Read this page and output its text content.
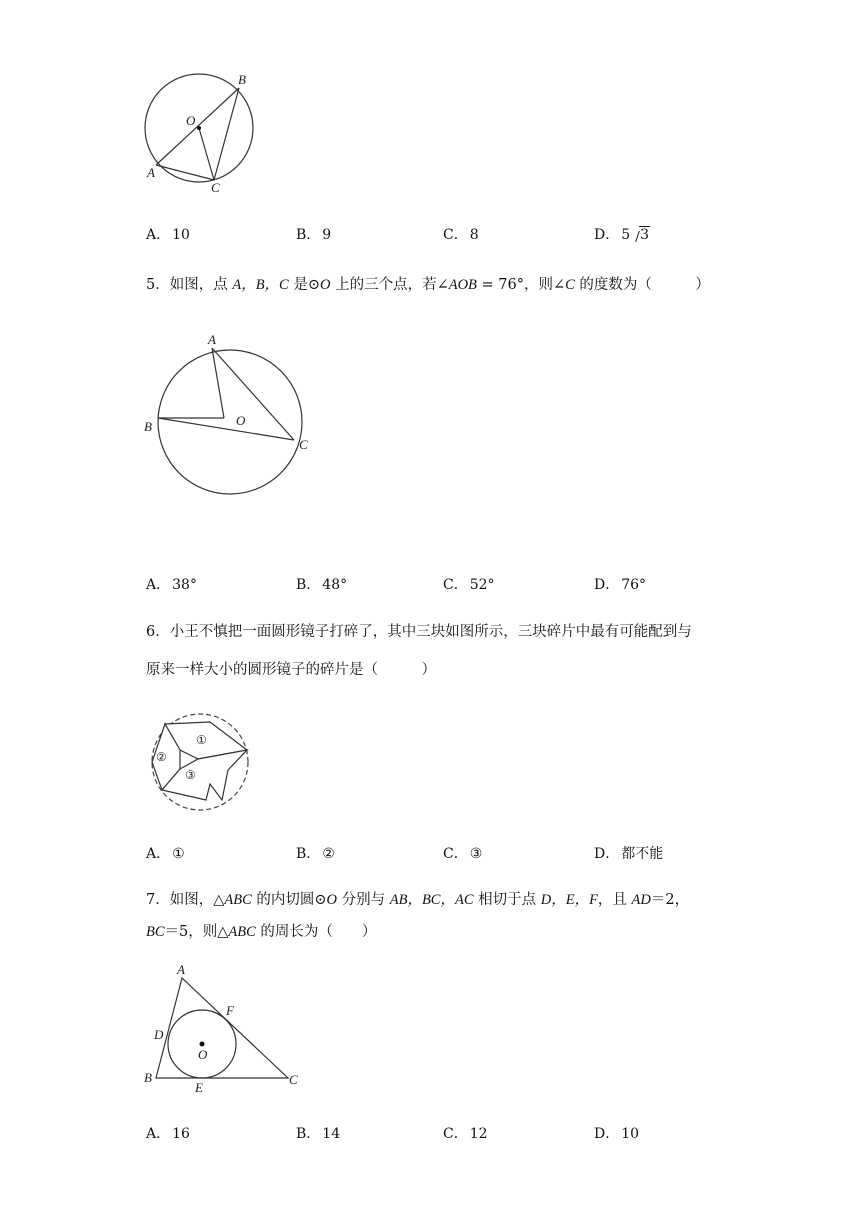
O
B
A
C
A． 10	B． 9	C． 8	D． 5 3
5．如图，点 A，B，C 是⊙O 上的三个点，若∠AOB = 76°，则∠C 的度数为（　　　）
A
B	O
C
A． 38°	B． 48°	C． 52°	D． 76°
6．小王不慎把一面圆形镜子打碎了，其中三块如图所示，三块碎片中最有可能配到与
原来一样大小的圆形镜子的碎片是（　　　）
①
②
③
A． ①	B． ②	C． ③	D． 都不能
7．如图，△ABC 的内切圆⊙O 分别与 AB，BC，AC 相切于点 D，E，F，且 AD＝2，
BC＝5，则△ABC 的周长为（　　）
A
F
D
O
B
E
C
A． 16	B． 14	C． 12	D． 10
